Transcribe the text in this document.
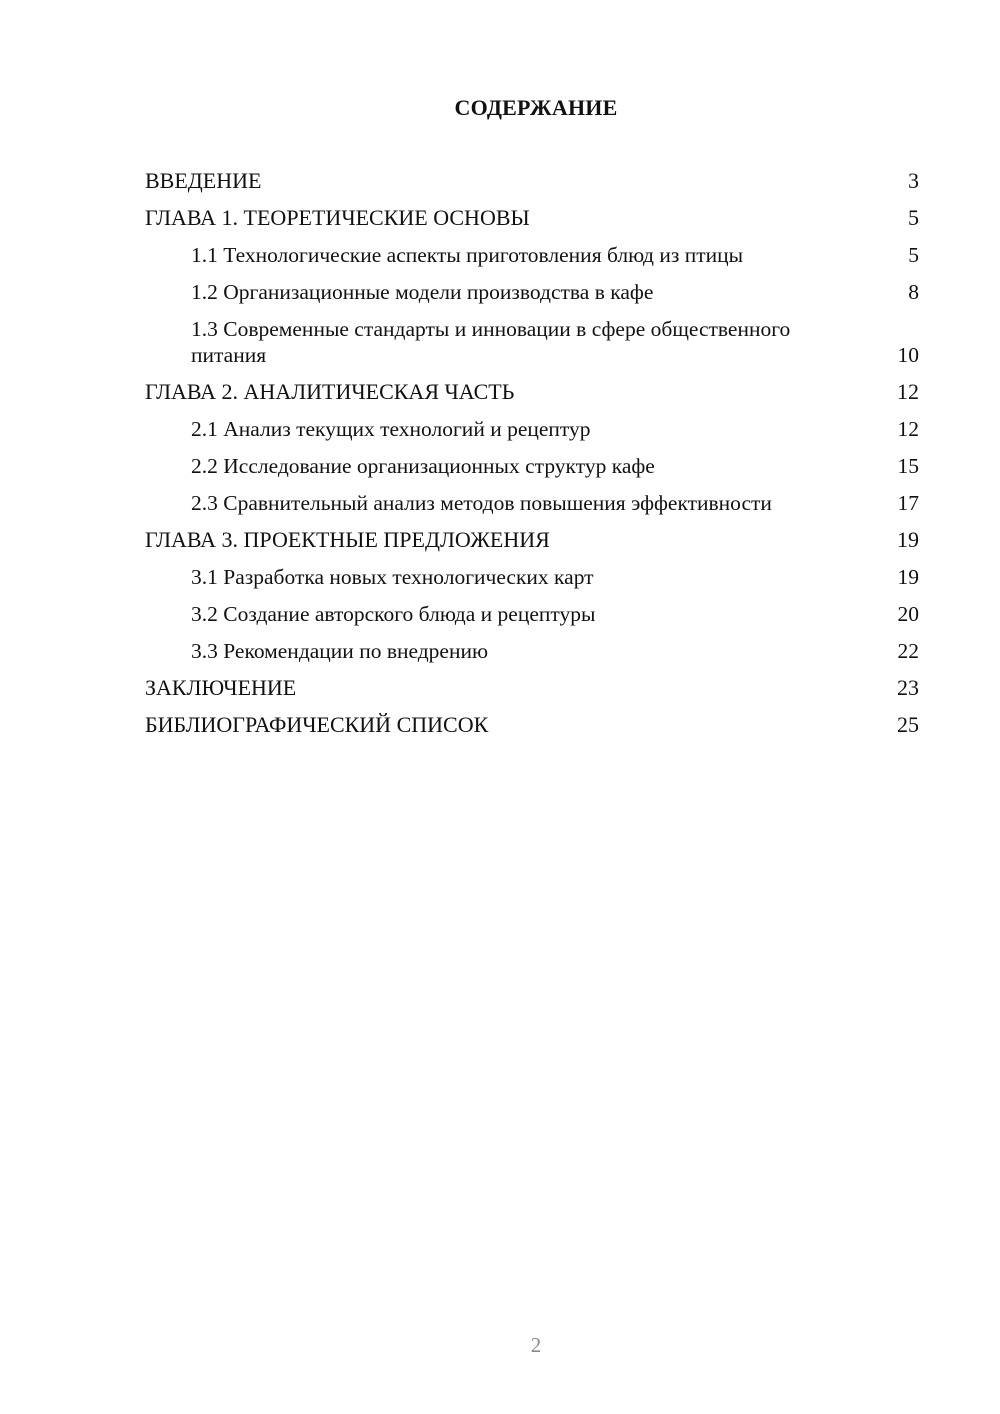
СОДЕРЖАНИЕ
ВВЕДЕНИЕ	3
ГЛАВА 1. ТЕОРЕТИЧЕСКИЕ ОСНОВЫ	5
1.1 Технологические аспекты приготовления блюд из птицы	5
1.2 Организационные модели производства в кафе	8
1.3 Современные стандарты и инновации в сфере общественного питания	10
ГЛАВА 2. АНАЛИТИЧЕСКАЯ ЧАСТЬ	12
2.1 Анализ текущих технологий и рецептур	12
2.2 Исследование организационных структур кафе	15
2.3 Сравнительный анализ методов повышения эффективности	17
ГЛАВА 3. ПРОЕКТНЫЕ ПРЕДЛОЖЕНИЯ	19
3.1 Разработка новых технологических карт	19
3.2 Создание авторского блюда и рецептуры	20
3.3 Рекомендации по внедрению	22
ЗАКЛЮЧЕНИЕ	23
БИБЛИОГРАФИЧЕСКИЙ СПИСОК	25
2
